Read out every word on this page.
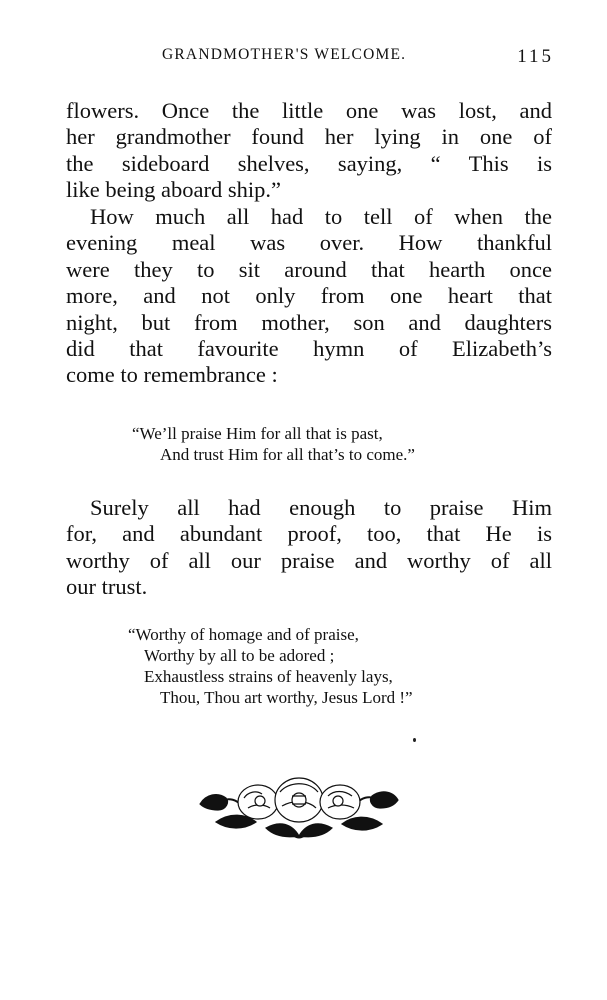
GRANDMOTHER'S WELCOME.	115

flowers. Once the little one was lost, and
her grandmother found her lying in one of
the sideboard shelves, saying, “ This is
like being aboard ship.”

How much all had to tell of when the
evening meal was over. How thankful
were they to sit around that hearth once
more, and not only from one heart that
night, but from mother, son and daughters
did that favourite hymn of Elizabeth’s
come to remembrance :

“We’ll praise Him for all that is past,
And trust Him for all that’s to come.”

Surely all had enough to praise Him
for, and abundant proof, too, that He is
worthy of all our praise and worthy of all
our trust.

“Worthy of homage and of praise,
Worthy by all to be adored ;
Exhaustless strains of heavenly lays,
Thou, Thou art worthy, Jesus Lord !”
